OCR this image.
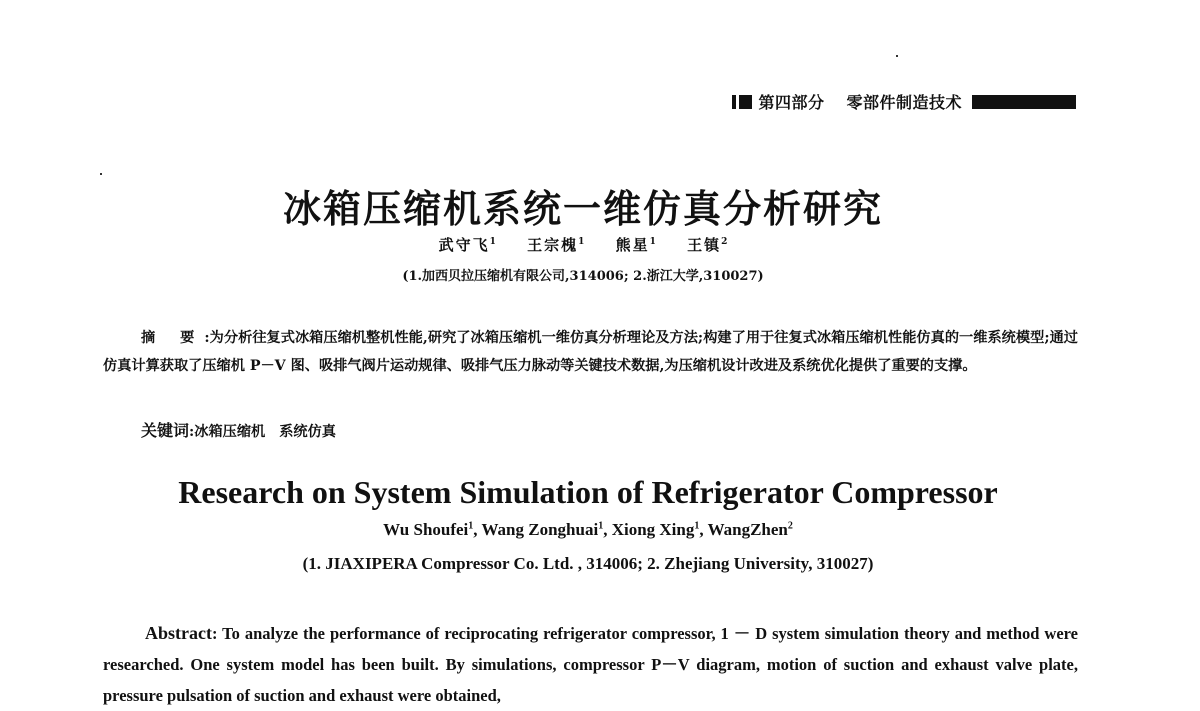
第四部分 零部件制造技术
冰箱压缩机系统一维仿真分析研究
武守飞$^1$ 王宗槐$^1$ 熊星$^1$ 王镇$^2$
(1.加西贝拉压缩机有限公司,314006; 2.浙江大学,310027)
摘 要:为分析往复式冰箱压缩机整机性能,研究了冰箱压缩机一维仿真分析理论及方法;构建了用于往复式冰箱压缩机性能仿真的一维系统模型;通过仿真计算获取了压缩机 P－V 图、吸排气阀片运动规律、吸排气压力脉动等关键技术数据,为压缩机设计改进及系统优化提供了重要的支撑。
关键词:冰箱压缩机 系统仿真
Research on System Simulation of Refrigerator Compressor
Wu Shoufei$^1$, Wang Zonghuai$^1$, Xiong Xing$^1$, WangZhen$^2$
(1. JIAXIPERA Compressor Co. Ltd. , 314006; 2. Zhejiang University, 310027)
Abstract: To analyze the performance of reciprocating refrigerator compressor, 1 － D system simulation theory and method were researched. One system model has been built. By simulations, compressor P－V diagram, motion of suction and exhaust valve plate, pressure pulsation of suction and exhaust were obtained,
